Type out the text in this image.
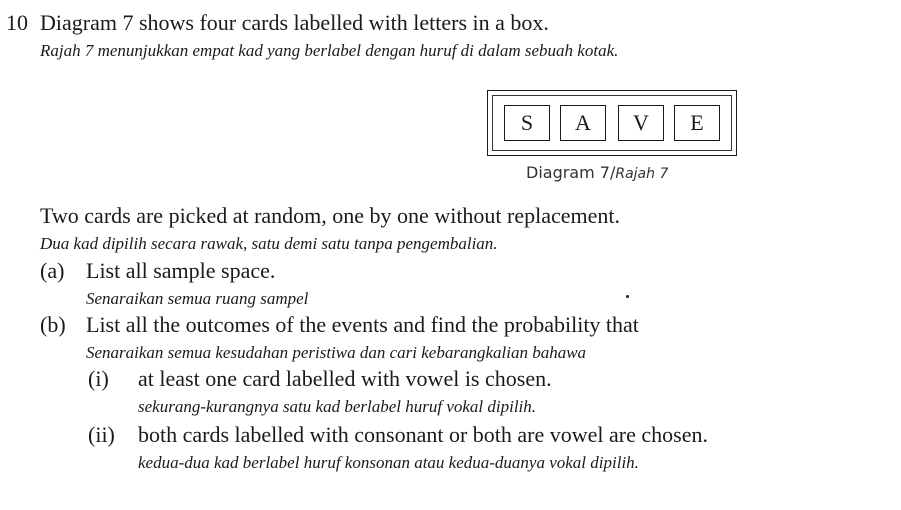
10 Diagram 7 shows four cards labelled with letters in a box.
Rajah 7 menunjukkan empat kad yang berlabel dengan huruf di dalam sebuah kotak.
S	A	V	E
Diagram 7/Rajah 7
Two cards are picked at random, one by one without replacement.
Dua kad dipilih secara rawak, satu demi satu tanpa pengembalian.
(a) List all sample space.
Senaraikan semua ruang sampel
(b) List all the outcomes of the events and find the probability that
Senaraikan semua kesudahan peristiwa dan cari kebarangkalian bahawa
(i) at least one card labelled with vowel is chosen.
sekurang-kurangnya satu kad berlabel huruf vokal dipilih.
(ii) both cards labelled with consonant or both are vowel are chosen.
kedua-dua kad berlabel huruf konsonan atau kedua-duanya vokal dipilih.
